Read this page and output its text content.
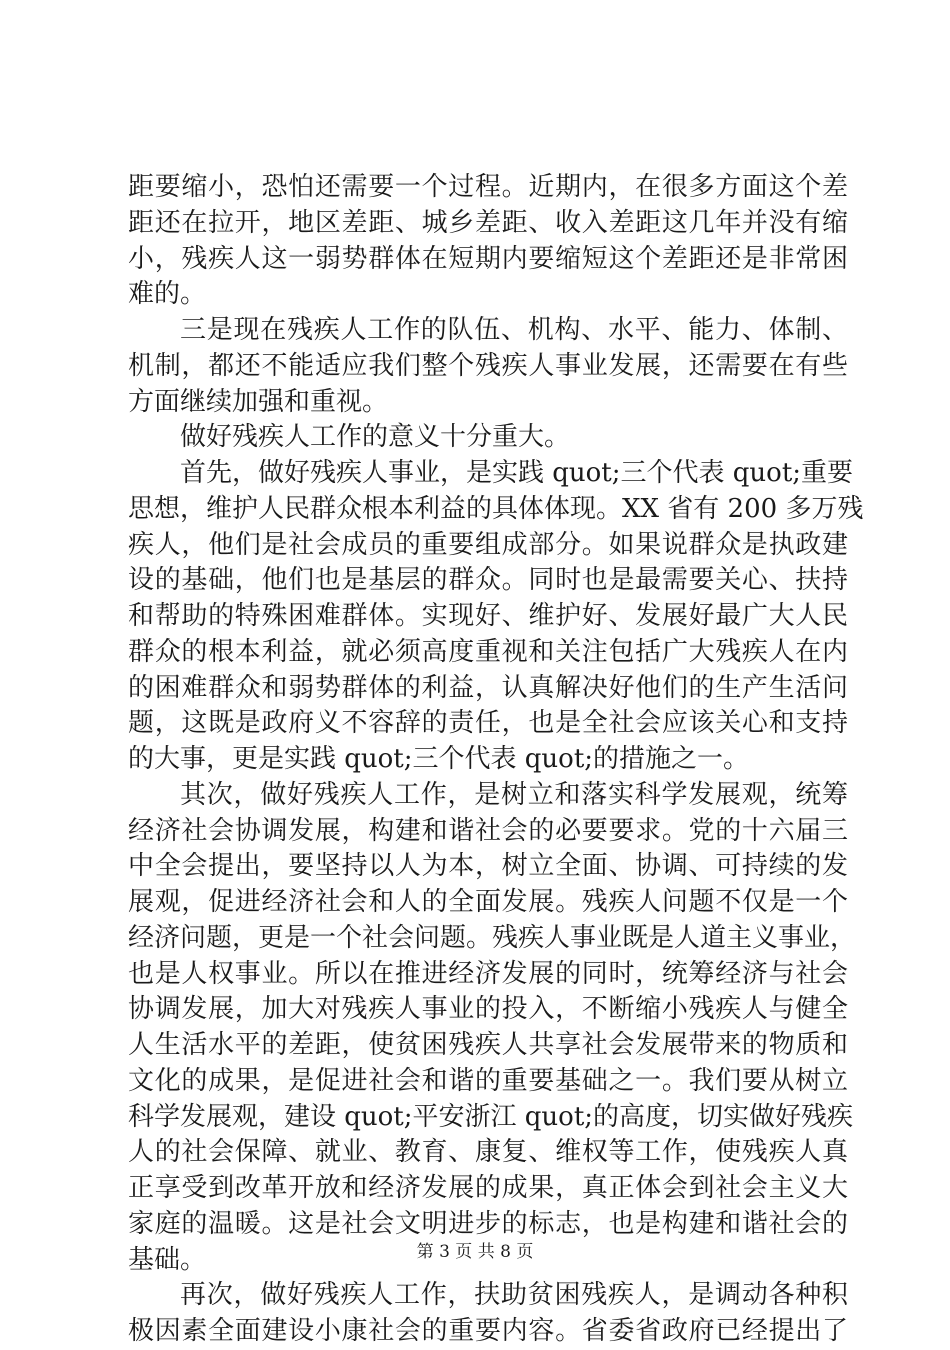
距要缩小，恐怕还需要一个过程。近期内，在很多方面这个差
距还在拉开，地区差距、城乡差距、收入差距这几年并没有缩
小，残疾人这一弱势群体在短期内要缩短这个差距还是非常困
难的。
三是现在残疾人工作的队伍、机构、水平、能力、体制、
机制，都还不能适应我们整个残疾人事业发展，还需要在有些
方面继续加强和重视。
做好残疾人工作的意义十分重大。
首先，做好残疾人事业，是实践 quot;三个代表 quot;重要
思想，维护人民群众根本利益的具体体现。XX 省有 200 多万残
疾人，他们是社会成员的重要组成部分。如果说群众是执政建
设的基础，他们也是基层的群众。同时也是最需要关心、扶持
和帮助的特殊困难群体。实现好、维护好、发展好最广大人民
群众的根本利益，就必须高度重视和关注包括广大残疾人在内
的困难群众和弱势群体的利益，认真解决好他们的生产生活问
题，这既是政府义不容辞的责任，也是全社会应该关心和支持
的大事，更是实践 quot;三个代表 quot;的措施之一。
其次，做好残疾人工作，是树立和落实科学发展观，统筹
经济社会协调发展，构建和谐社会的必要要求。党的十六届三
中全会提出，要坚持以人为本，树立全面、协调、可持续的发
展观，促进经济社会和人的全面发展。残疾人问题不仅是一个
经济问题，更是一个社会问题。残疾人事业既是人道主义事业，
也是人权事业。所以在推进经济发展的同时，统筹经济与社会
协调发展，加大对残疾人事业的投入，不断缩小残疾人与健全
人生活水平的差距，使贫困残疾人共享社会发展带来的物质和
文化的成果，是促进社会和谐的重要基础之一。我们要从树立
科学发展观，建设 quot;平安浙江 quot;的高度，切实做好残疾
人的社会保障、就业、教育、康复、维权等工作，使残疾人真
正享受到改革开放和经济发展的成果，真正体会到社会主义大
家庭的温暖。这是社会文明进步的标志，也是构建和谐社会的
基础。
再次，做好残疾人工作，扶助贫困残疾人，是调动各种积
极因素全面建设小康社会的重要内容。省委省政府已经提出了
第 3 页 共 8 页
